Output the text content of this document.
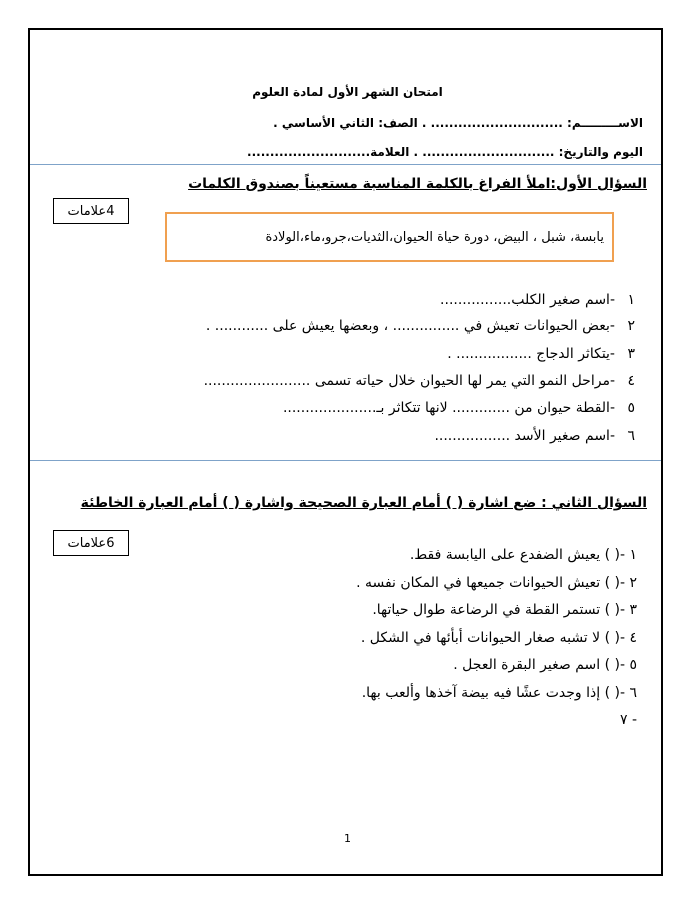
امتحان الشهر الأول لمادة العلوم
الاســـــــــم: ............................. . الصف: الثاني الأساسي .
اليوم والتاريخ: ............................. . العلامة...........................
السؤال الأول:املأ الفراغ بالكلمة المناسبة مستعيناً بصندوق الكلمات
4علامات
يابسة، شبل ، البيض، دورة حياة الحيوان،الثديات،جرو،ماء،الولادة
١
-اسم صغير الكلب................
٢
-بعض الحيوانات تعيش في ............... ، وبعضها يعيش على ............ .
٣
-يتكاثر الدجاج ................. .
٤
-مراحل النمو التي يمر لها الحيوان خلال حياته تسمى ........................
٥
-القطة حيوان من ............. لانها تتكاثر بـ.....................
٦
-اسم صغير الأسد .................
السؤال الثاني : ضع اشارة ( ) أمام العبارة الصحيحة واشارة ( ) أمام العبارة الخاطئة
6علامات
١ -( ) يعيش الضفدع على اليابسة فقط.
٢ -( ) تعيش الحيوانات جميعها في المكان نفسه .
٣ -( ) تستمر القطة في الرضاعة طوال حياتها.
٤ -( ) لا تشبه صغار الحيوانات أبأئها في الشكل .
٥ -( ) اسم صغير البقرة العجل .
٦ -( ) إذا وجدت عشًا فيه بيضة آخذها وألعب بها.
٧ -
1
